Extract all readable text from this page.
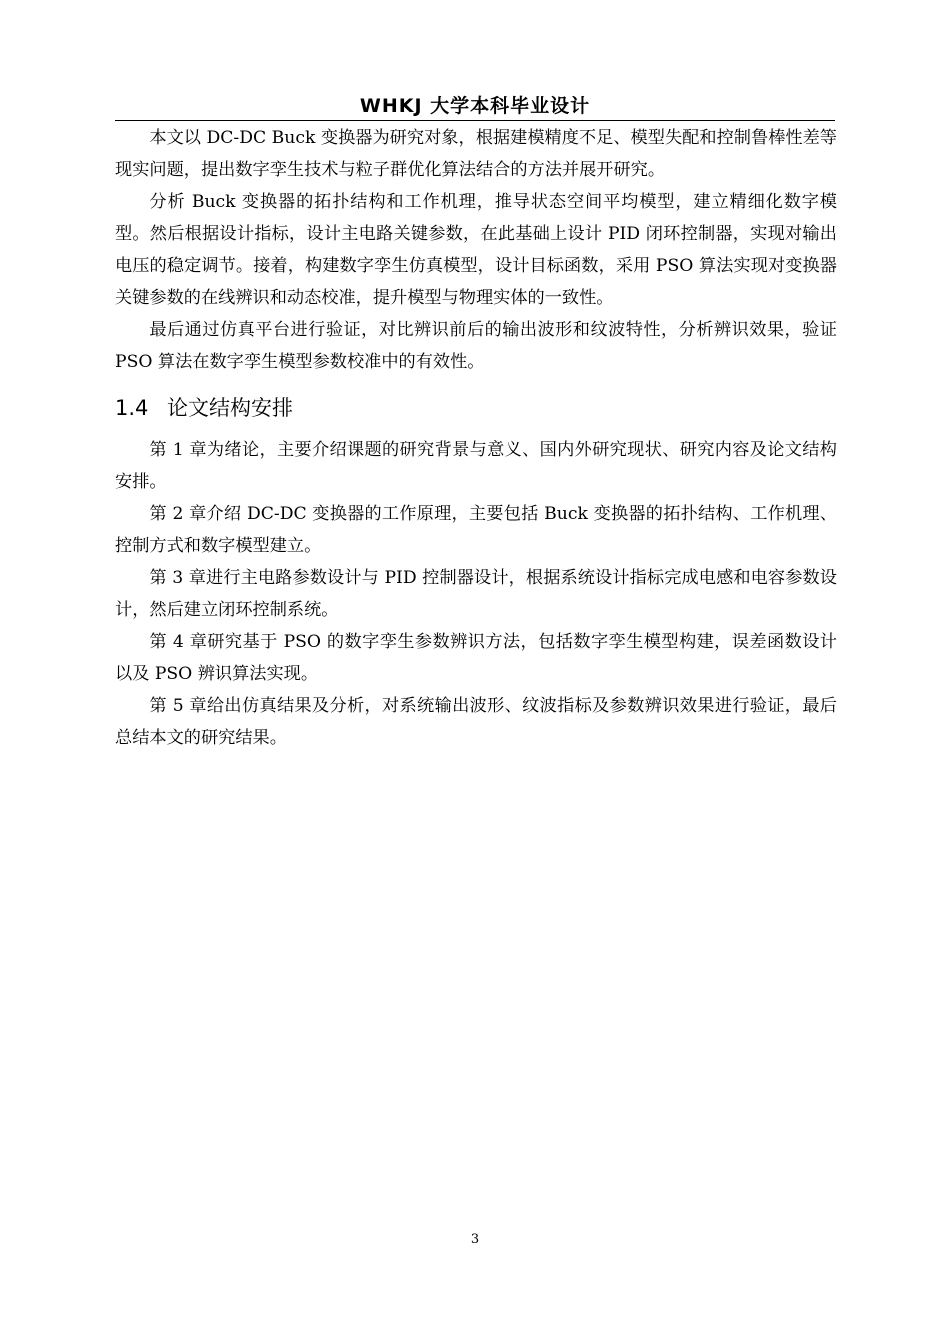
WHKJ 大学本科毕业设计

本文以 DC-DC Buck 变换器为研究对象，根据建模精度不足、模型失配和控制鲁棒性差等现实问题，提出数字孪生技术与粒子群优化算法结合的方法并展开研究。

分析 Buck 变换器的拓扑结构和工作机理，推导状态空间平均模型，建立精细化数字模型。然后根据设计指标，设计主电路关键参数，在此基础上设计 PID 闭环控制器，实现对输出电压的稳定调节。接着，构建数字孪生仿真模型，设计目标函数，采用 PSO 算法实现对变换器关键参数的在线辨识和动态校准，提升模型与物理实体的一致性。

最后通过仿真平台进行验证，对比辨识前后的输出波形和纹波特性，分析辨识效果，验证 PSO 算法在数字孪生模型参数校准中的有效性。

1.4 论文结构安排

第 1 章为绪论，主要介绍课题的研究背景与意义、国内外研究现状、研究内容及论文结构安排。

第 2 章介绍 DC-DC 变换器的工作原理，主要包括 Buck 变换器的拓扑结构、工作机理、控制方式和数字模型建立。

第 3 章进行主电路参数设计与 PID 控制器设计，根据系统设计指标完成电感和电容参数设计，然后建立闭环控制系统。

第 4 章研究基于 PSO 的数字孪生参数辨识方法，包括数字孪生模型构建，误差函数设计以及 PSO 辨识算法实现。

第 5 章给出仿真结果及分析，对系统输出波形、纹波指标及参数辨识效果进行验证，最后总结本文的研究结果。

3
